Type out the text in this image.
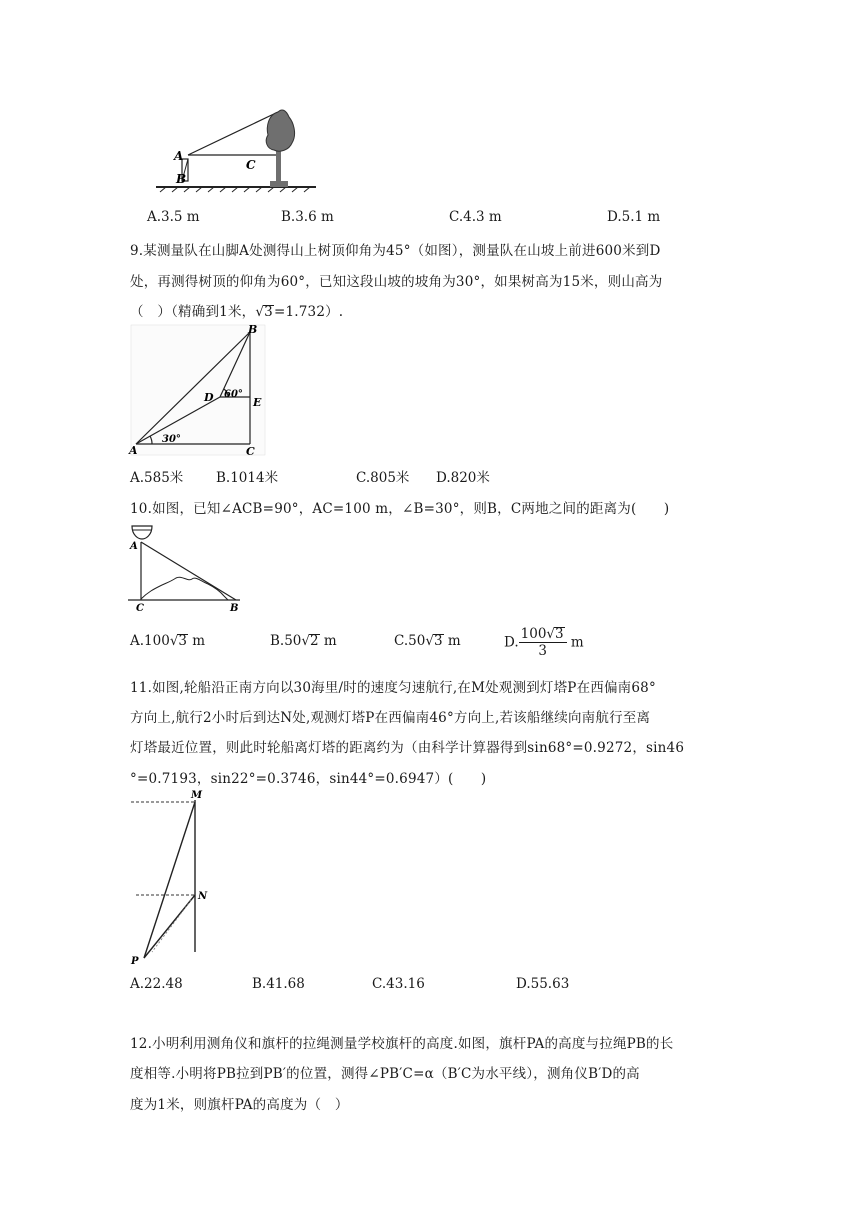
A
B
C
A.3.5 m	B.3.6 m	C.4.3 m	D.5.1 m
9.某测量队在山脚A处测得山上树顶仰角为45°（如图），测量队在山坡上前进600米到D
处，再测得树顶的仰角为60°，已知这段山坡的坡角为30°，如果树高为15米，则山高为
（　）（精确到1米，√3=1.732）.
B
D 60°
E
30°
A	C
A.585米 B.1014米	C.805米 D.820米
10.如图，已知∠ACB=90°，AC=100 m，∠B=30°，则B，C两地之间的距离为(　　)
A
C	B
A.100√3 m	B.50√2 m	C.50√3 m	D. $\frac{100√3}{3}$ m
11.如图,轮船沿正南方向以30海里/时的速度匀速航行,在M处观测到灯塔P在西偏南68°
方向上,航行2小时后到达N处,观测灯塔P在西偏南46°方向上,若该船继续向南航行至离
灯塔最近位置，则此时轮船离灯塔的距离约为（由科学计算器得到sin68°=0.9272，sin46
°=0.7193，sin22°=0.3746，sin44°=0.6947）(　　)
M
N
P
A.22.48	B.41.68	C.43.16	D.55.63
12.小明利用测角仪和旗杆的拉绳测量学校旗杆的高度.如图，旗杆PA的高度与拉绳PB的长
度相等.小明将PB拉到PB′的位置，测得∠PB′C=α（B′C为水平线），测角仪B′D的高
度为1米，则旗杆PA的高度为（　）
